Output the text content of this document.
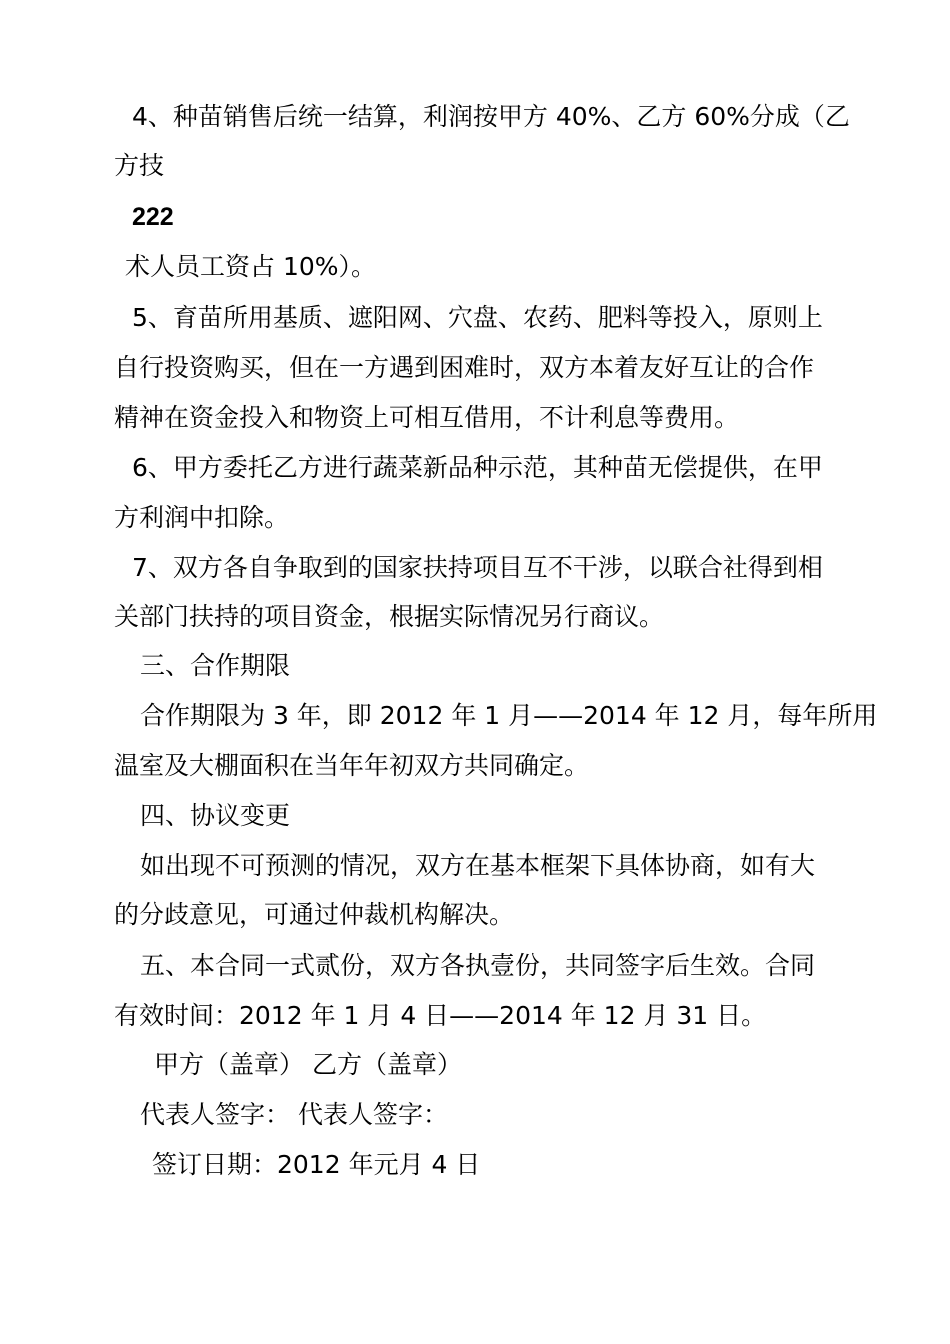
4、种苗销售后统一结算，利润按甲方 40%、乙方 60%分成（乙
方技
222
术人员工资占 10%）。
5、育苗所用基质、遮阳网、穴盘、农药、肥料等投入，原则上
自行投资购买，但在一方遇到困难时，双方本着友好互让的合作
精神在资金投入和物资上可相互借用，不计利息等费用。
6、甲方委托乙方进行蔬菜新品种示范，其种苗无偿提供，在甲
方利润中扣除。
7、双方各自争取到的国家扶持项目互不干涉，以联合社得到相
关部门扶持的项目资金，根据实际情况另行商议。
三、合作期限
合作期限为 3 年，即 2012 年 1 月——2014 年 12 月，每年所用
温室及大棚面积在当年年初双方共同确定。
四、协议变更
如出现不可预测的情况，双方在基本框架下具体协商，如有大
的分歧意见，可通过仲裁机构解决。
五、本合同一式贰份，双方各执壹份，共同签字后生效。合同
有效时间：2012 年 1 月 4 日——2014 年 12 月 31 日。
甲方（盖章） 乙方（盖章）
代表人签字： 代表人签字：
签订日期：2012 年元月 4 日
